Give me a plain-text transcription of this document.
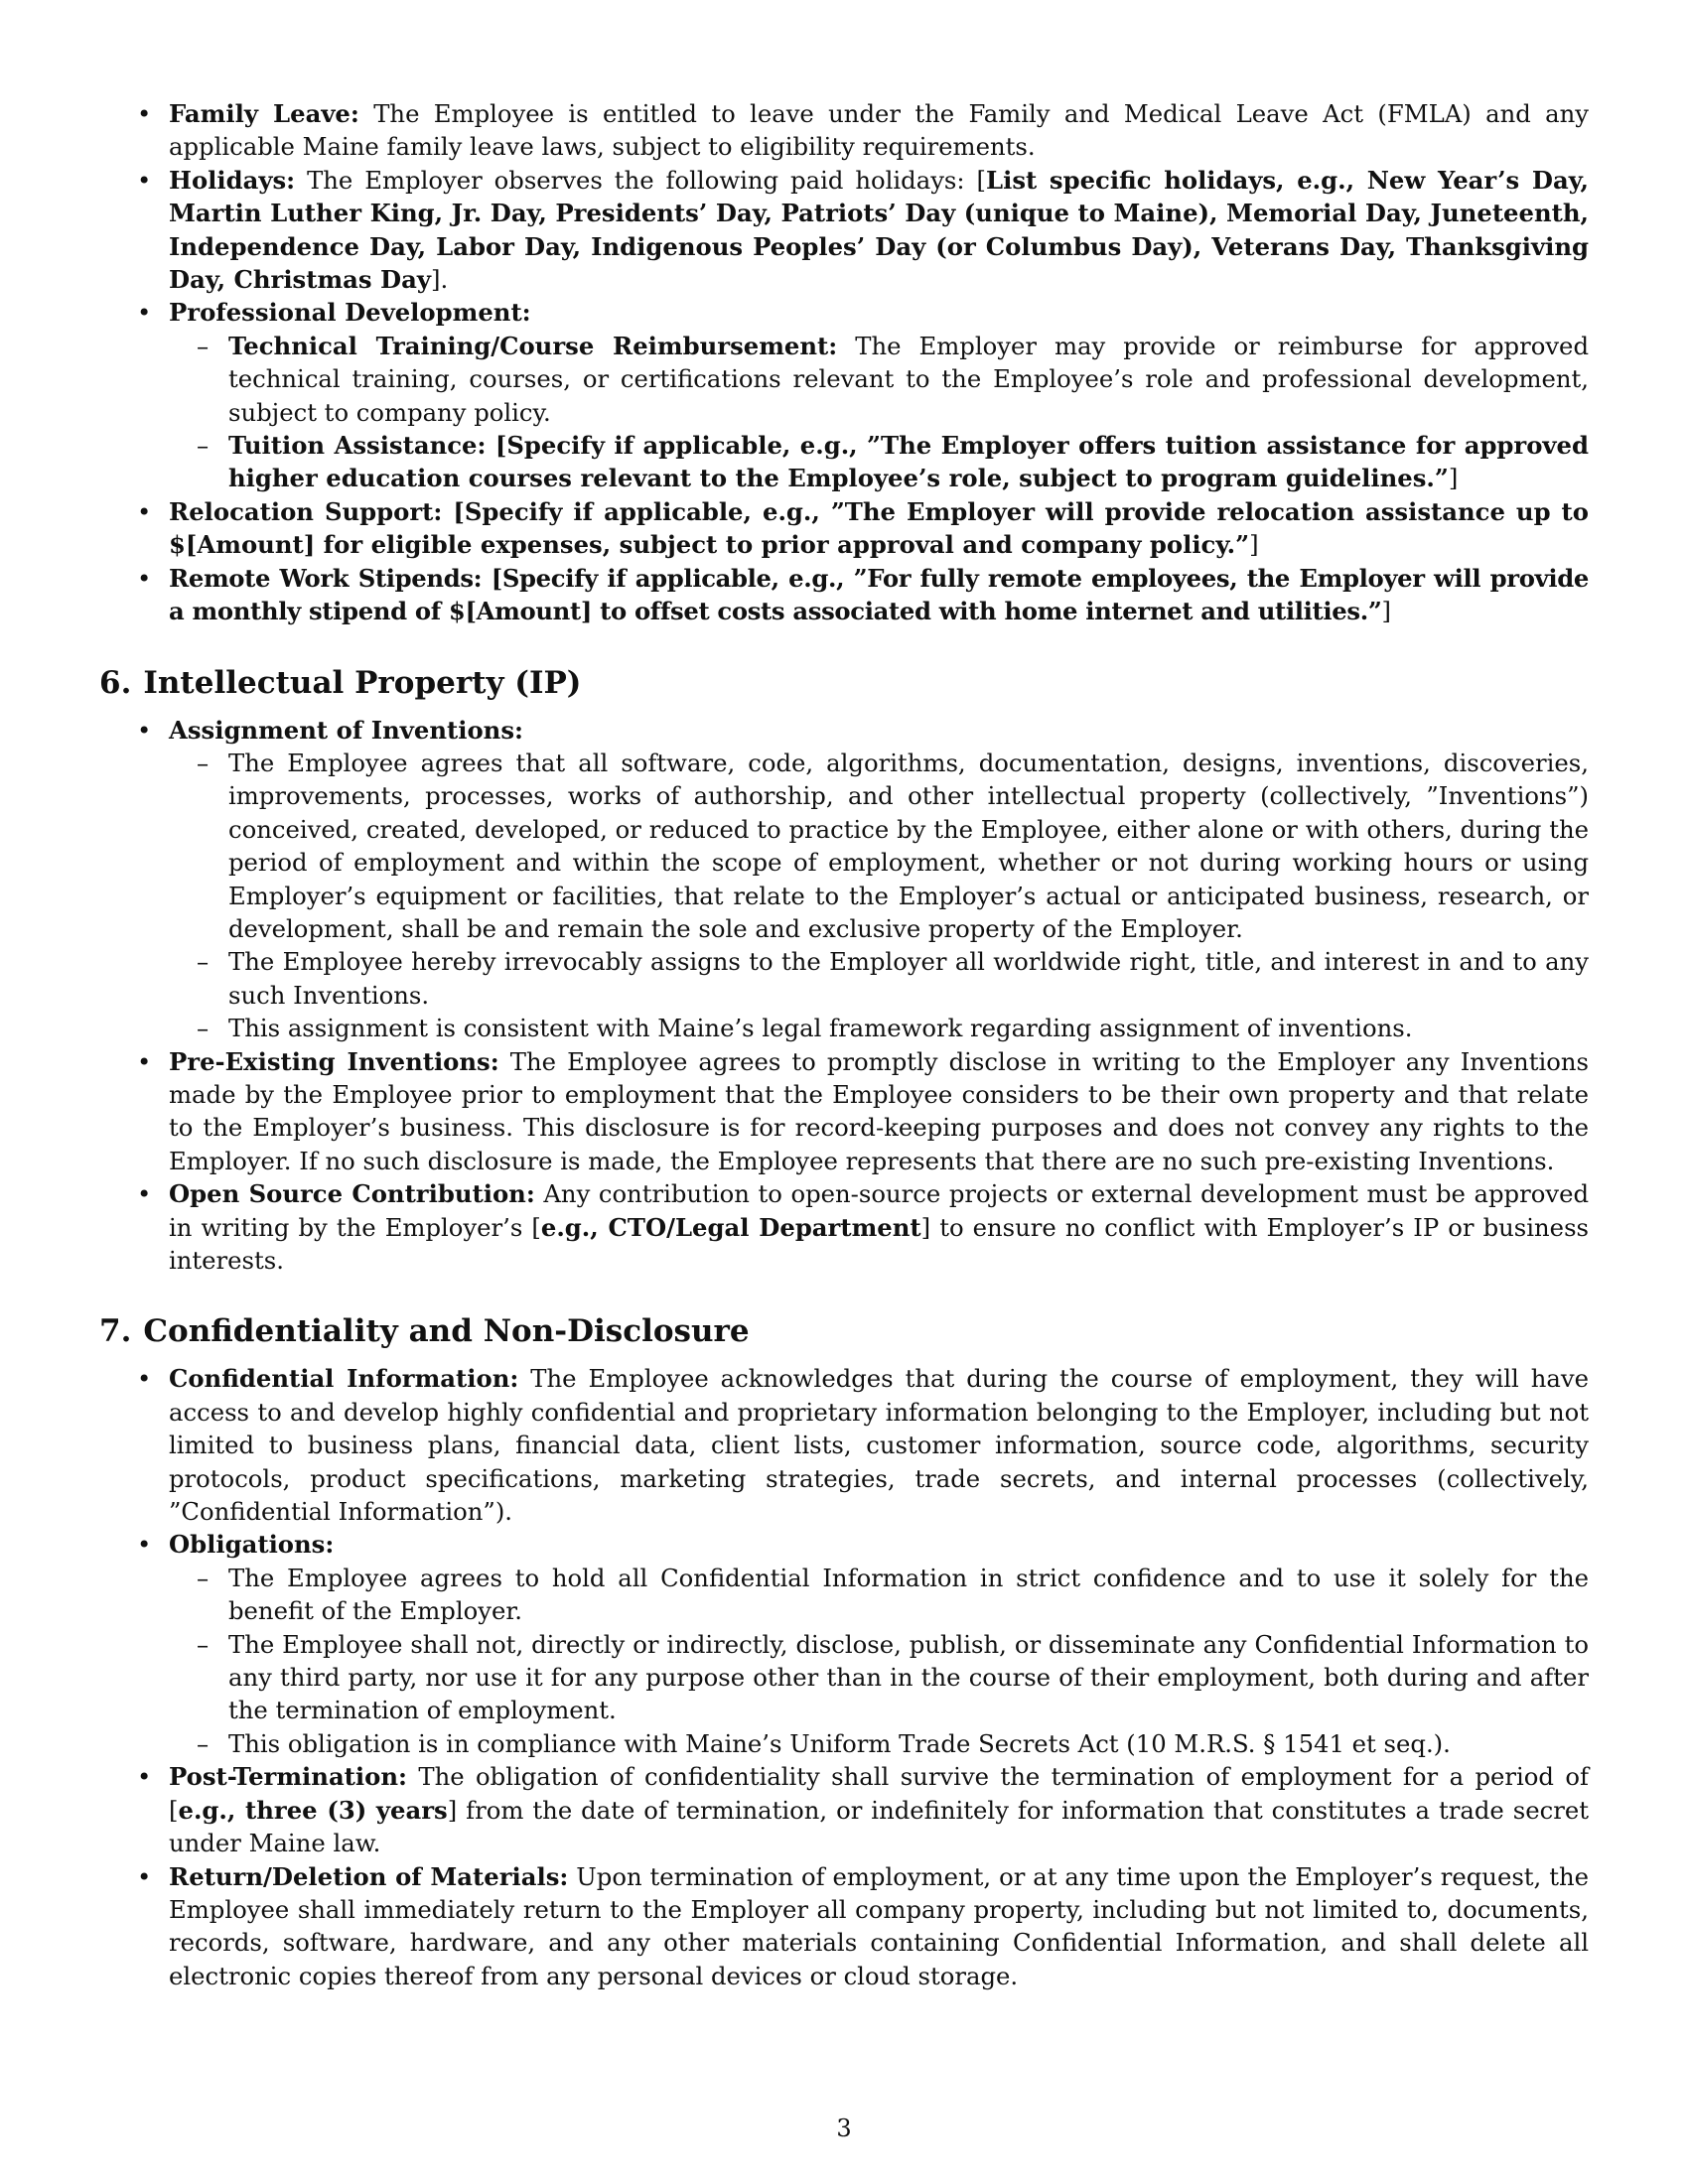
• Family Leave: The Employee is entitled to leave under the Family and Medical Leave Act (FMLA) and any applicable Maine family leave laws, subject to eligibility requirements.
• Holidays: The Employer observes the following paid holidays: [List specific holidays, e.g., New Year’s Day, Martin Luther King, Jr. Day, Presidents’ Day, Patriots’ Day (unique to Maine), Memorial Day, Juneteenth, Independence Day, Labor Day, Indigenous Peoples’ Day (or Columbus Day), Veterans Day, Thanksgiving Day, Christmas Day].
• Professional Development:
– Technical Training/Course Reimbursement: The Employer may provide or reimburse for approved technical training, courses, or certifications relevant to the Employee’s role and professional development, subject to company policy.
– Tuition Assistance: [Specify if applicable, e.g., ”The Employer offers tuition assistance for approved higher education courses relevant to the Employee’s role, subject to program guidelines.”]
• Relocation Support: [Specify if applicable, e.g., ”The Employer will provide relocation assistance up to $[Amount] for eligible expenses, subject to prior approval and company policy.”]
• Remote Work Stipends: [Specify if applicable, e.g., ”For fully remote employees, the Employer will provide a monthly stipend of $[Amount] to offset costs associated with home internet and utilities.”]
6. Intellectual Property (IP)
• Assignment of Inventions:
– The Employee agrees that all software, code, algorithms, documentation, designs, inventions, discoveries, improvements, processes, works of authorship, and other intellectual property (collectively, ”Inventions”) conceived, created, developed, or reduced to practice by the Employee, either alone or with others, during the period of employment and within the scope of employment, whether or not during working hours or using Employer’s equipment or facilities, that relate to the Employer’s actual or anticipated business, research, or development, shall be and remain the sole and exclusive property of the Employer.
– The Employee hereby irrevocably assigns to the Employer all worldwide right, title, and interest in and to any such Inventions.
– This assignment is consistent with Maine’s legal framework regarding assignment of inventions.
• Pre-Existing Inventions: The Employee agrees to promptly disclose in writing to the Employer any Inventions made by the Employee prior to employment that the Employee considers to be their own property and that relate to the Employer’s business. This disclosure is for record-keeping purposes and does not convey any rights to the Employer. If no such disclosure is made, the Employee represents that there are no such pre-existing Inventions.
• Open Source Contribution: Any contribution to open-source projects or external development must be approved in writing by the Employer’s [e.g., CTO/Legal Department] to ensure no conflict with Employer’s IP or business interests.
7. Confidentiality and Non-Disclosure
• Confidential Information: The Employee acknowledges that during the course of employment, they will have access to and develop highly confidential and proprietary information belonging to the Employer, including but not limited to business plans, financial data, client lists, customer information, source code, algorithms, security protocols, product specifications, marketing strategies, trade secrets, and internal processes (collectively, ”Confidential Information”).
• Obligations:
– The Employee agrees to hold all Confidential Information in strict confidence and to use it solely for the benefit of the Employer.
– The Employee shall not, directly or indirectly, disclose, publish, or disseminate any Confidential Information to any third party, nor use it for any purpose other than in the course of their employment, both during and after the termination of employment.
– This obligation is in compliance with Maine’s Uniform Trade Secrets Act (10 M.R.S. § 1541 et seq.).
• Post-Termination: The obligation of confidentiality shall survive the termination of employment for a period of [e.g., three (3) years] from the date of termination, or indefinitely for information that constitutes a trade secret under Maine law.
• Return/Deletion of Materials: Upon termination of employment, or at any time upon the Employer’s request, the Employee shall immediately return to the Employer all company property, including but not limited to, documents, records, software, hardware, and any other materials containing Confidential Information, and shall delete all electronic copies thereof from any personal devices or cloud storage.
3
